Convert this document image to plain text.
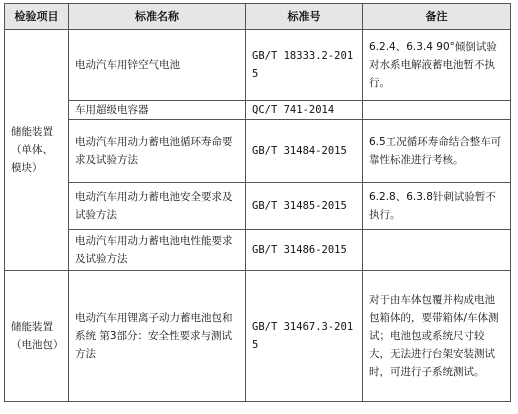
检验项目	标准名称	标准号	备注
储能装置（单体、模块）	电动汽车用锌空气电池	GB/T 18333.2-2015	6.2.4、6.3.4 90°倾倒试验对水系电解液蓄电池暂不执行。
	车用超级电容器	QC/T 741-2014	
	电动汽车用动力蓄电池循环寿命要求及试验方法	GB/T 31484-2015	6.5工况循环寿命结合整车可靠性标准进行考核。
	电动汽车用动力蓄电池安全要求及试验方法	GB/T 31485-2015	6.2.8、6.3.8针刺试验暂不执行。
	电动汽车用动力蓄电池电性能要求及试验方法	GB/T 31486-2015	
储能装置（电池包）	电动汽车用锂离子动力蓄电池包和系统 第3部分：安全性要求与测试方法	GB/T 31467.3-2015	对于由车体包覆并构成电池包箱体的，要带箱体/车体测试；电池包或系统尺寸较大，无法进行台架安装测试时，可进行子系统测试。
